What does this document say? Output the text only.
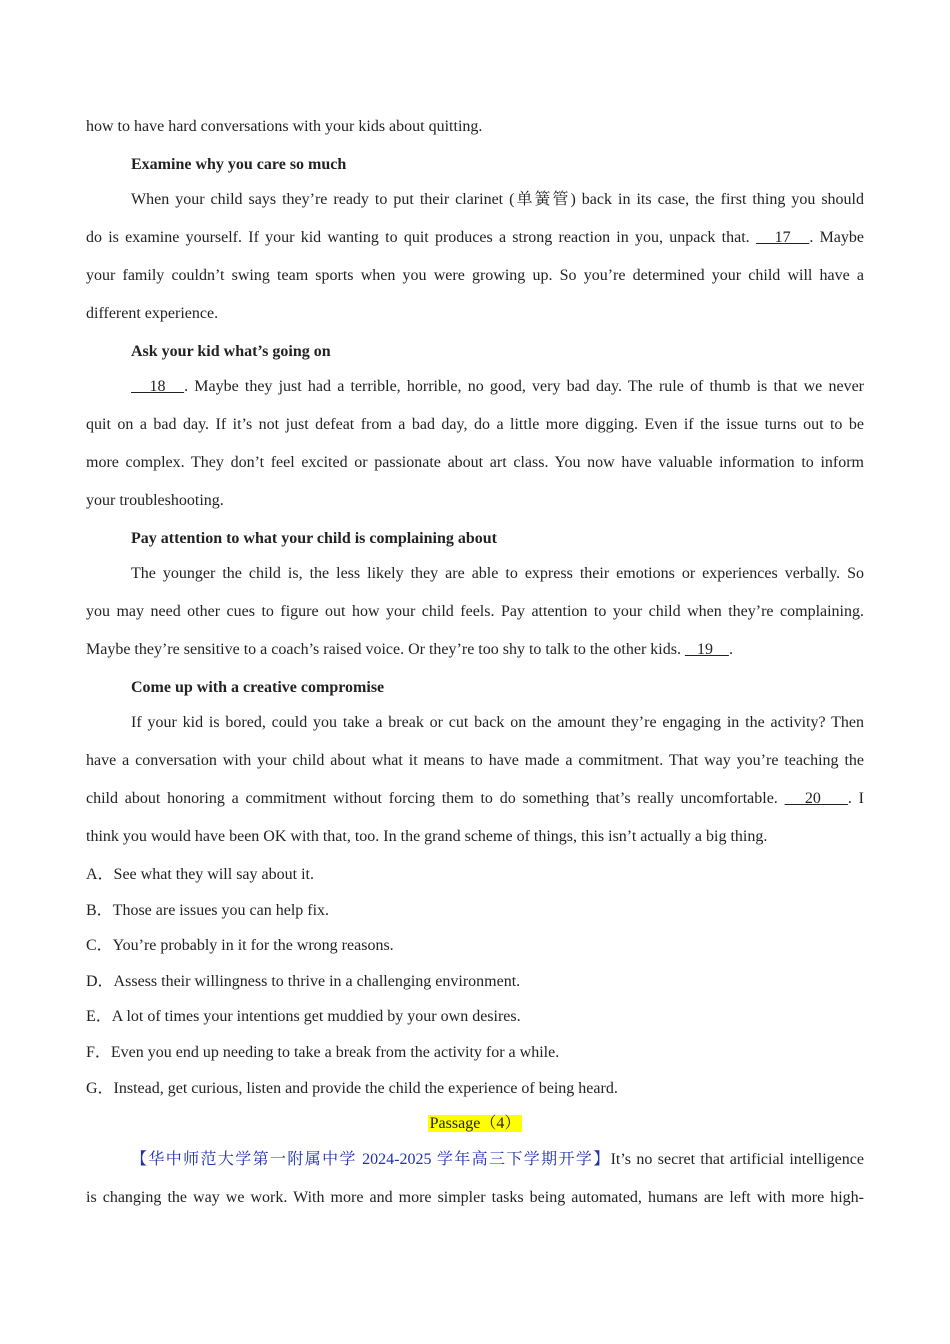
how to have hard conversations with your kids about quitting.
Examine why you care so much
When your child says they’re ready to put their clarinet (单簧管) back in its case, the first thing you should
do is examine yourself. If your kid wanting to quit produces a strong reaction in you, unpack that.    17   . Maybe
your family couldn’t swing team sports when you were growing up. So you’re determined your child will have a
different experience.
Ask your kid what’s going on
18   . Maybe they just had a terrible, horrible, no good, very bad day. The rule of thumb is that we never
quit on a bad day. If it’s not just defeat from a bad day, do a little more digging. Even if the issue turns out to be
more complex. They don’t feel excited or passionate about art class. You now have valuable information to inform
your troubleshooting.
Pay attention to what your child is complaining about
The younger the child is, the less likely they are able to express their emotions or experiences verbally. So
you may need other cues to figure out how your child feels. Pay attention to your child when they’re complaining.
Maybe they’re sensitive to a coach’s raised voice. Or they’re too shy to talk to the other kids.    19    .
Come up with a creative compromise
If your kid is bored, could you take a break or cut back on the amount they’re engaging in the activity? Then
have a conversation with your child about what it means to have made a commitment. That way you’re teaching the
child about honoring a commitment without forcing them to do something that’s really uncomfortable.    20    . I
think you would have been OK with that, too. In the grand scheme of things, this isn’t actually a big thing.
A．See what they will say about it.
B．Those are issues you can help fix.
C．You’re probably in it for the wrong reasons.
D．Assess their willingness to thrive in a challenging environment.
E．A lot of times your intentions get muddied by your own desires.
F．Even you end up needing to take a break from the activity for a while.
G．Instead, get curious, listen and provide the child the experience of being heard.
Passage（4）
【华中师范大学第一附属中学 2024-2025 学年高三下学期开学】It’s no secret that artificial intelligence
is changing the way we work. With more and more simpler tasks being automated, humans are left with more high-
